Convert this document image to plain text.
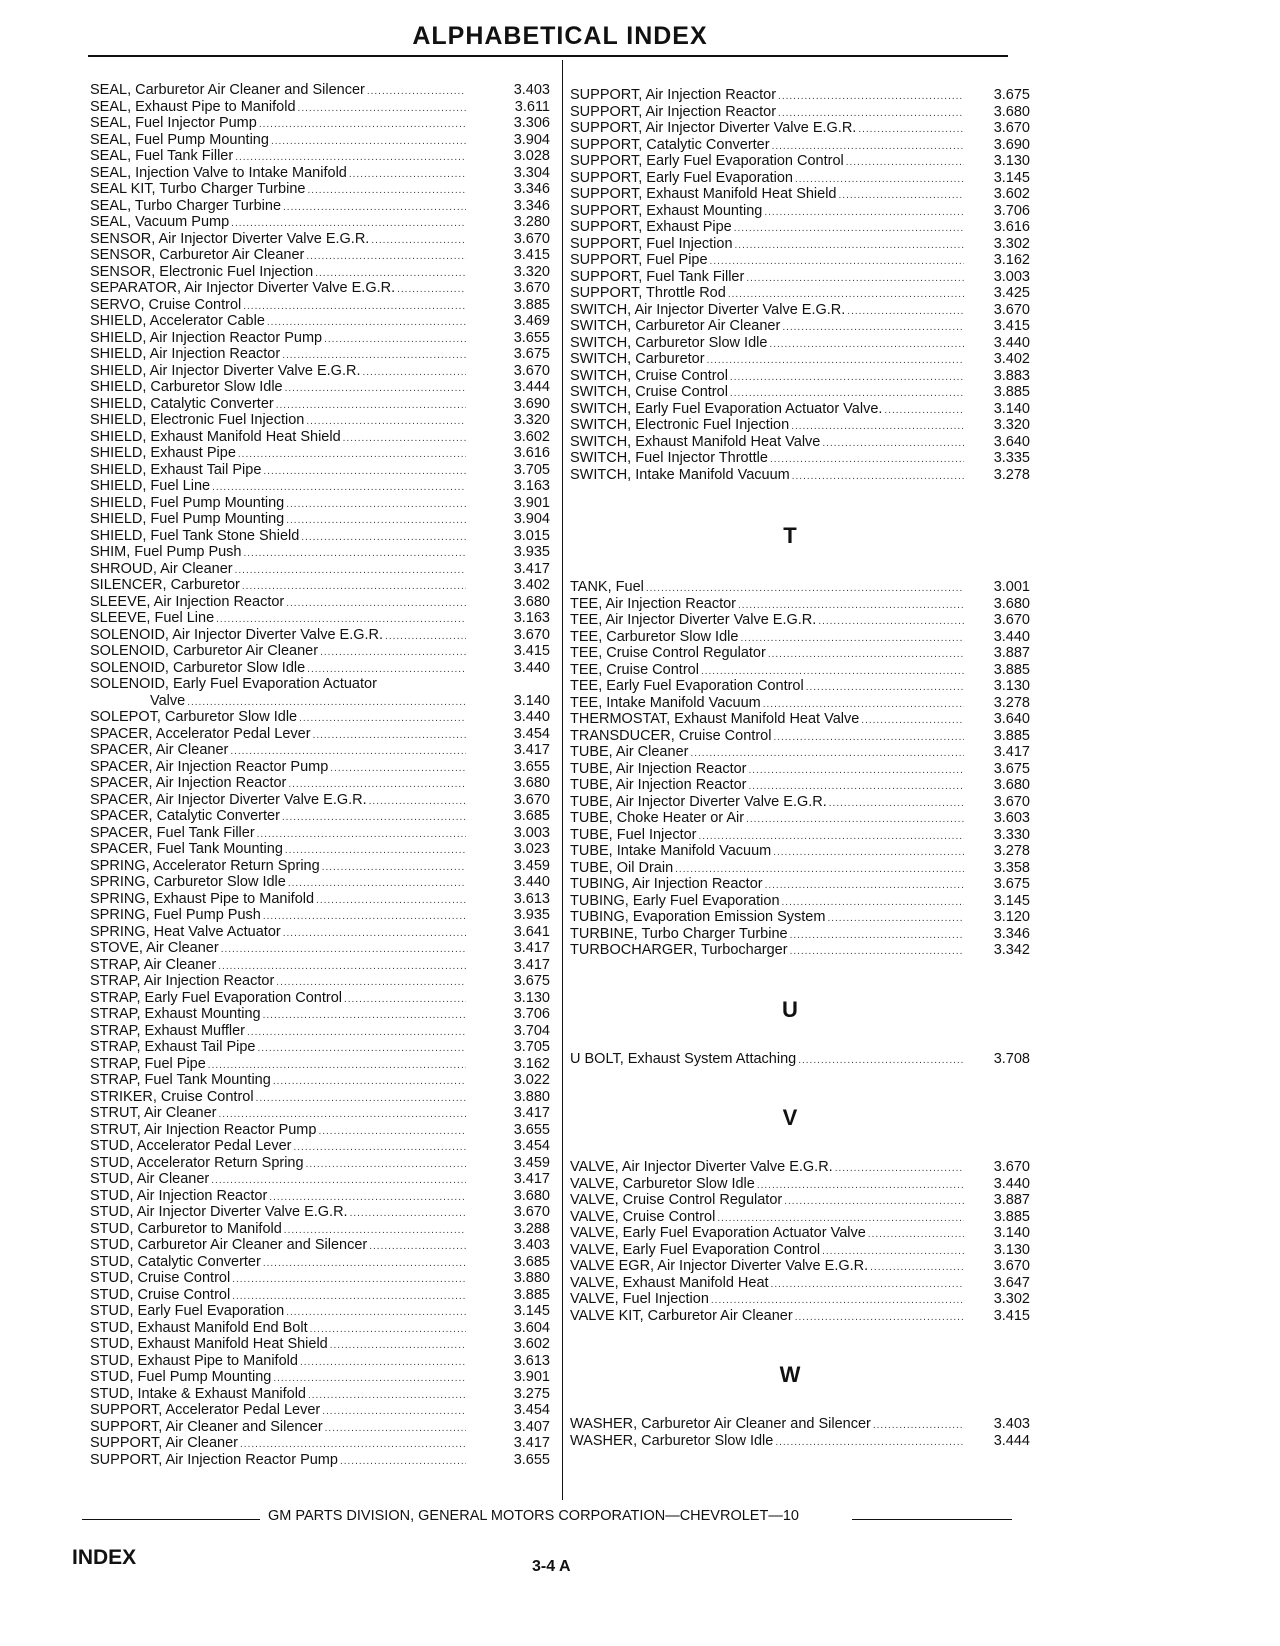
ALPHABETICAL INDEX
SEAL, Carburetor Air Cleaner and Silencer .....	3.403
SEAL, Exhaust Pipe to Manifold .....	3.611
SEAL, Fuel Injector Pump .....	3.306
SEAL, Fuel Pump Mounting .....	3.904
SEAL, Fuel Tank Filler .....	3.028
SEAL, Injection Valve to Intake Manifold .....	3.304
SEAL KIT, Turbo Charger Turbine .....	3.346
SEAL, Turbo Charger Turbine .....	3.346
SEAL, Vacuum Pump .....	3.280
SENSOR, Air Injector Diverter Valve E.G.R. .....	3.670
SENSOR, Carburetor Air Cleaner .....	3.415
SENSOR, Electronic Fuel Injection .....	3.320
SEPARATOR, Air Injector Diverter Valve E.G.R. .....	3.670
SERVO, Cruise Control .....	3.885
SHIELD, Accelerator Cable .....	3.469
SHIELD, Air Injection Reactor Pump .....	3.655
SHIELD, Air Injection Reactor .....	3.675
SHIELD, Air Injector Diverter Valve E.G.R. .....	3.670
SHIELD, Carburetor Slow Idle .....	3.444
SHIELD, Catalytic Converter .....	3.690
SHIELD, Electronic Fuel Injection .....	3.320
SHIELD, Exhaust Manifold Heat Shield .....	3.602
SHIELD, Exhaust Pipe .....	3.616
SHIELD, Exhaust Tail Pipe .....	3.705
SHIELD, Fuel Line .....	3.163
SHIELD, Fuel Pump Mounting .....	3.901
SHIELD, Fuel Pump Mounting .....	3.904
SHIELD, Fuel Tank Stone Shield .....	3.015
SHIM, Fuel Pump Push .....	3.935
SHROUD, Air Cleaner .....	3.417
SILENCER, Carburetor .....	3.402
SLEEVE, Air Injection Reactor .....	3.680
SLEEVE, Fuel Line .....	3.163
SOLENOID, Air Injector Diverter Valve E.G.R. .....	3.670
SOLENOID, Carburetor Air Cleaner .....	3.415
SOLENOID, Carburetor Slow Idle .....	3.440
SOLENOID, Early Fuel Evaporation Actuator
Valve .....	3.140
SOLEPOT, Carburetor Slow Idle .....	3.440
SPACER, Accelerator Pedal Lever .....	3.454
SPACER, Air Cleaner .....	3.417
SPACER, Air Injection Reactor Pump .....	3.655
SPACER, Air Injection Reactor .....	3.680
SPACER, Air Injector Diverter Valve E.G.R. .....	3.670
SPACER, Catalytic Converter .....	3.685
SPACER, Fuel Tank Filler .....	3.003
SPACER, Fuel Tank Mounting .....	3.023
SPRING, Accelerator Return Spring .....	3.459
SPRING, Carburetor Slow Idle .....	3.440
SPRING, Exhaust Pipe to Manifold .....	3.613
SPRING, Fuel Pump Push .....	3.935
SPRING, Heat Valve Actuator .....	3.641
STOVE, Air Cleaner .....	3.417
STRAP, Air Cleaner .....	3.417
STRAP, Air Injection Reactor .....	3.675
STRAP, Early Fuel Evaporation Control .....	3.130
STRAP, Exhaust Mounting .....	3.706
STRAP, Exhaust Muffler .....	3.704
STRAP, Exhaust Tail Pipe .....	3.705
STRAP, Fuel Pipe .....	3.162
STRAP, Fuel Tank Mounting .....	3.022
STRIKER, Cruise Control .....	3.880
STRUT, Air Cleaner .....	3.417
STRUT, Air Injection Reactor Pump .....	3.655
STUD, Accelerator Pedal Lever .....	3.454
STUD, Accelerator Return Spring .....	3.459
STUD, Air Cleaner .....	3.417
STUD, Air Injection Reactor .....	3.680
STUD, Air Injector Diverter Valve E.G.R. .....	3.670
STUD, Carburetor to Manifold .....	3.288
STUD, Carburetor Air Cleaner and Silencer .....	3.403
STUD, Catalytic Converter .....	3.685
STUD, Cruise Control .....	3.880
STUD, Cruise Control .....	3.885
STUD, Early Fuel Evaporation .....	3.145
STUD, Exhaust Manifold End Bolt .....	3.604
STUD, Exhaust Manifold Heat Shield .....	3.602
STUD, Exhaust Pipe to Manifold .....	3.613
STUD, Fuel Pump Mounting .....	3.901
STUD, Intake & Exhaust Manifold .....	3.275
SUPPORT, Accelerator Pedal Lever .....	3.454
SUPPORT, Air Cleaner and Silencer .....	3.407
SUPPORT, Air Cleaner .....	3.417
SUPPORT, Air Injection Reactor Pump .....	3.655
SUPPORT, Air Injection Reactor .....	3.675
SUPPORT, Air Injection Reactor .....	3.680
SUPPORT, Air Injector Diverter Valve E.G.R. .....	3.670
SUPPORT, Catalytic Converter .....	3.690
SUPPORT, Early Fuel Evaporation Control .....	3.130
SUPPORT, Early Fuel Evaporation .....	3.145
SUPPORT, Exhaust Manifold Heat Shield .....	3.602
SUPPORT, Exhaust Mounting .....	3.706
SUPPORT, Exhaust Pipe .....	3.616
SUPPORT, Fuel Injection .....	3.302
SUPPORT, Fuel Pipe .....	3.162
SUPPORT, Fuel Tank Filler .....	3.003
SUPPORT, Throttle Rod .....	3.425
SWITCH, Air Injector Diverter Valve E.G.R. .....	3.670
SWITCH, Carburetor Air Cleaner .....	3.415
SWITCH, Carburetor Slow Idle .....	3.440
SWITCH, Carburetor .....	3.402
SWITCH, Cruise Control .....	3.883
SWITCH, Cruise Control .....	3.885
SWITCH, Early Fuel Evaporation Actuator Valve. .....	3.140
SWITCH, Electronic Fuel Injection .....	3.320
SWITCH, Exhaust Manifold Heat Valve .....	3.640
SWITCH, Fuel Injector Throttle .....	3.335
SWITCH, Intake Manifold Vacuum .....	3.278
T
TANK, Fuel .....	3.001
TEE, Air Injection Reactor .....	3.680
TEE, Air Injector Diverter Valve E.G.R. .....	3.670
TEE, Carburetor Slow Idle .....	3.440
TEE, Cruise Control Regulator .....	3.887
TEE, Cruise Control .....	3.885
TEE, Early Fuel Evaporation Control .....	3.130
TEE, Intake Manifold Vacuum .....	3.278
THERMOSTAT, Exhaust Manifold Heat Valve .....	3.640
TRANSDUCER, Cruise Control .....	3.885
TUBE, Air Cleaner .....	3.417
TUBE, Air Injection Reactor .....	3.675
TUBE, Air Injection Reactor .....	3.680
TUBE, Air Injector Diverter Valve E.G.R. .....	3.670
TUBE, Choke Heater or Air .....	3.603
TUBE, Fuel Injector .....	3.330
TUBE, Intake Manifold Vacuum .....	3.278
TUBE, Oil Drain .....	3.358
TUBING, Air Injection Reactor .....	3.675
TUBING, Early Fuel Evaporation .....	3.145
TUBING, Evaporation Emission System .....	3.120
TURBINE, Turbo Charger Turbine .....	3.346
TURBOCHARGER, Turbocharger .....	3.342
U
U BOLT, Exhaust System Attaching .....	3.708
V
VALVE, Air Injector Diverter Valve E.G.R. .....	3.670
VALVE, Carburetor Slow Idle .....	3.440
VALVE, Cruise Control Regulator .....	3.887
VALVE, Cruise Control .....	3.885
VALVE, Early Fuel Evaporation Actuator Valve .....	3.140
VALVE, Early Fuel Evaporation Control .....	3.130
VALVE EGR, Air Injector Diverter Valve E.G.R. .....	3.670
VALVE, Exhaust Manifold Heat .....	3.647
VALVE, Fuel Injection .....	3.302
VALVE KIT, Carburetor Air Cleaner .....	3.415
W
WASHER, Carburetor Air Cleaner and Silencer .....	3.403
WASHER, Carburetor Slow Idle .....	3.444
GM PARTS DIVISION, GENERAL MOTORS CORPORATION—CHEVROLET—10
INDEX	3-4 A
